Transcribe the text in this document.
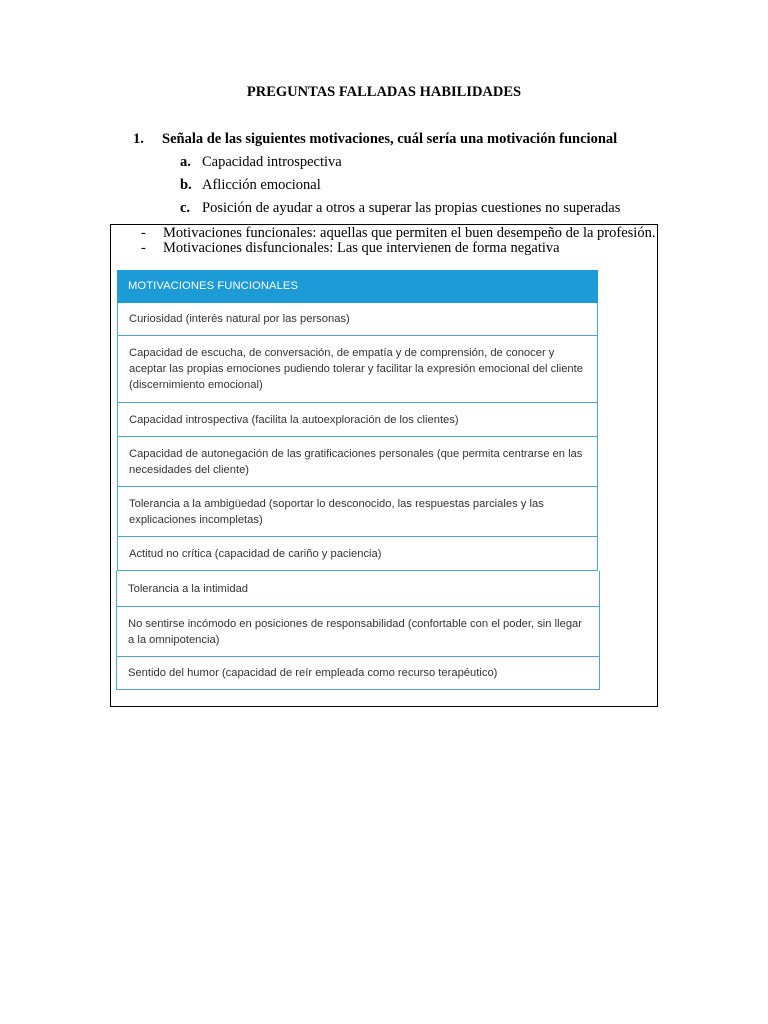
PREGUNTAS FALLADAS HABILIDADES
1. Señala de las siguientes motivaciones, cuál sería una motivación funcional
a. Capacidad introspectiva
b. Aflicción emocional
c. Posición de ayudar a otros a superar las propias cuestiones no superadas
- Motivaciones funcionales: aquellas que permiten el buen desempeño de la profesión.
- Motivaciones disfuncionales: Las que intervienen de forma negativa
MOTIVACIONES FUNCIONALES
Curiosidad (interés natural por las personas)
Capacidad de escucha, de conversación, de empatía y de comprensión, de conocer y aceptar las propias emociones pudiendo tolerar y facilitar la expresión emocional del cliente (discernimiento emocional)
Capacidad introspectiva (facilita la autoexploración de los clientes)
Capacidad de autonegación de las gratificaciones personales (que permita centrarse en las necesidades del cliente)
Tolerancia a la ambigüedad (soportar lo desconocido, las respuestas parciales y las explicaciones incompletas)
Actitud no crítica (capacidad de cariño y paciencia)
Tolerancia a la intimidad
No sentirse incómodo en posiciones de responsabilidad (confortable con el poder, sin llegar a la omnipotencia)
Sentido del humor (capacidad de reír empleada como recurso terapéutico)
